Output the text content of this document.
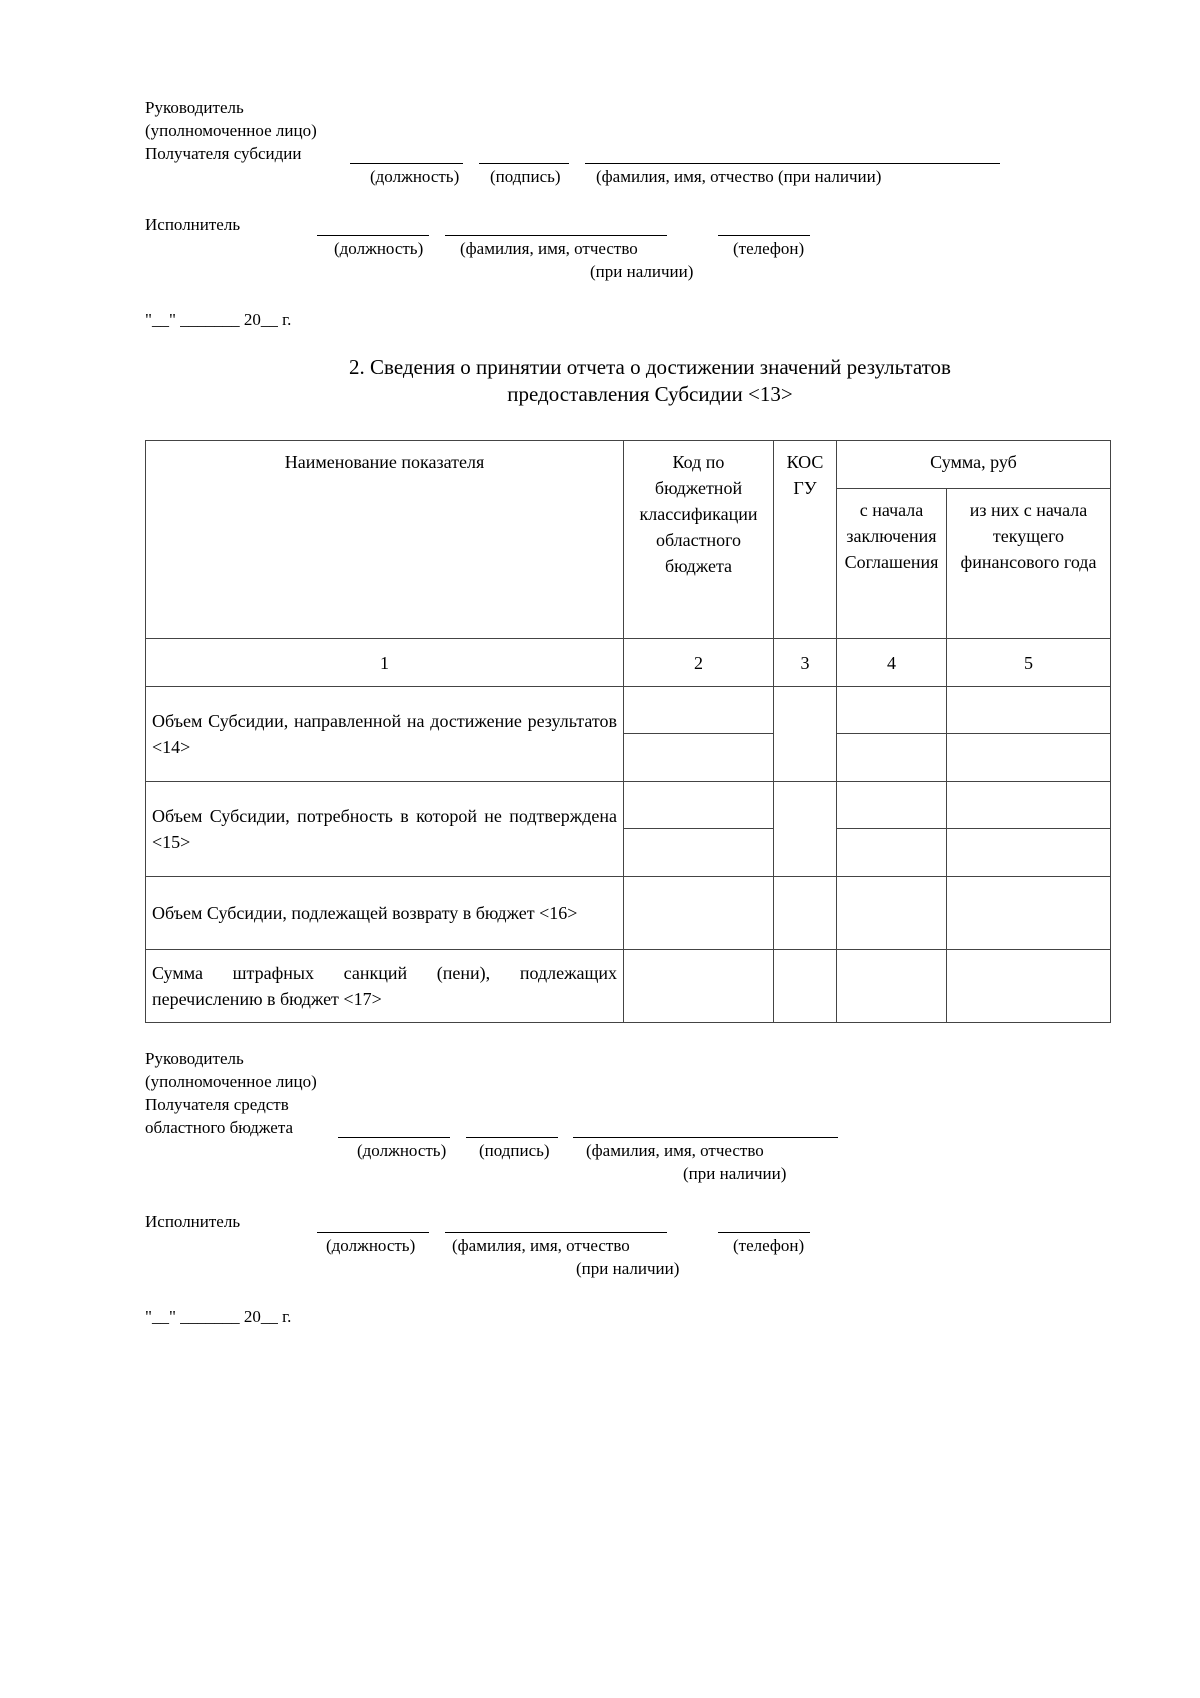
Руководитель
(уполномоченное лицо)
Получателя субсидии
(должность) (подпись) (фамилия, имя, отчество (при наличии)
Исполнитель
(должность) (фамилия, имя, отчество	(телефон)
(при наличии)
"__" _______ 20__ г.
2. Сведения о принятии отчета о достижении значений результатов
предоставления Субсидии <13>
Наименование показателя	Код по бюджетной классификации областного бюджета	КОС ГУ	Сумма, руб	
			с начала заключения Соглашения	из них с начала текущего финансового года
1	2	3	4	5
Объем Субсидии, направленной на достижение результатов <14>				

Объем Субсидии, потребность в которой не подтверждена <15>				

Объем Субсидии, подлежащей возврату в бюджет <16>				
Сумма штрафных санкций (пени), подлежащих перечислению в бюджет <17>				
Руководитель
(уполномоченное лицо)
Получателя средств
областного бюджета
(должность) (подпись) (фамилия, имя, отчество
(при наличии)
Исполнитель
(должность) (фамилия, имя, отчество	(телефон)
(при наличии)
"__" _______ 20__ г.
